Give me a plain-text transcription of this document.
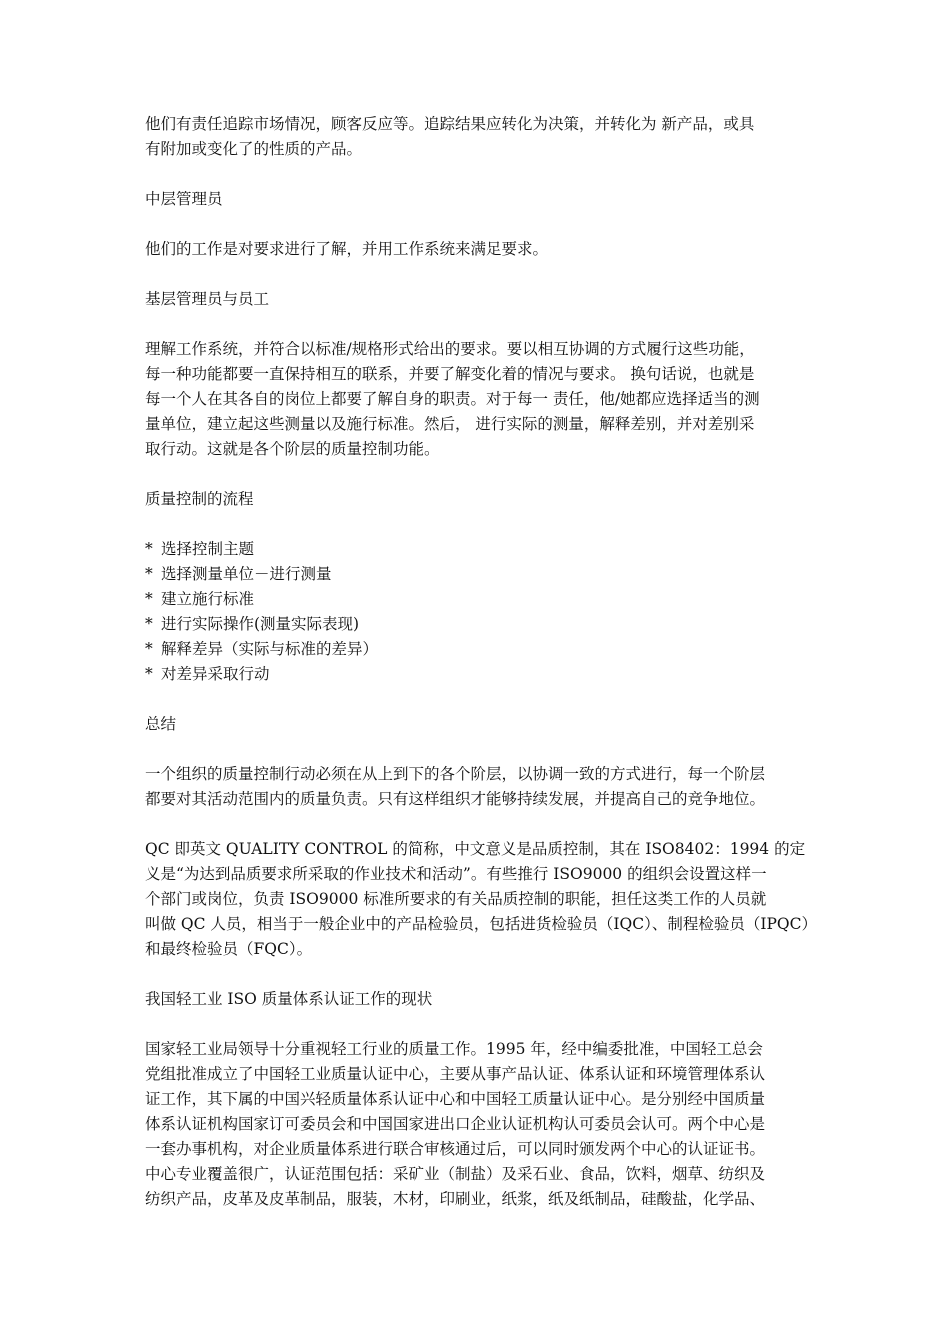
他们有责任追踪市场情况，顾客反应等。追踪结果应转化为决策，并转化为 新产品，或具
有附加或变化了的性质的产品。
中层管理员
他们的工作是对要求进行了解，并用工作系统来满足要求。
基层管理员与员工
理解工作系统，并符合以标准/规格形式给出的要求。要以相互协调的方式履行这些功能，
每一种功能都要一直保持相互的联系，并要了解变化着的情况与要求。 换句话说，也就是
每一个人在其各自的岗位上都要了解自身的职责。对于每一 责任，他/她都应选择适当的测
量单位，建立起这些测量以及施行标准。然后， 进行实际的测量，解释差别，并对差别采
取行动。这就是各个阶层的质量控制功能。
质量控制的流程
* 选择控制主题
* 选择测量单位－进行测量
* 建立施行标准
* 进行实际操作(测量实际表现)
* 解释差异（实际与标准的差异）
* 对差异采取行动
总结
一个组织的质量控制行动必须在从上到下的各个阶层，以协调一致的方式进行，每一个阶层
都要对其活动范围内的质量负责。只有这样组织才能够持续发展，并提高自己的竞争地位。
QC 即英文 QUALITY CONTROL 的简称，中文意义是品质控制，其在 ISO8402：1994 的定
义是“为达到品质要求所采取的作业技术和活动”。有些推行 ISO9000 的组织会设置这样一
个部门或岗位，负责 ISO9000 标准所要求的有关品质控制的职能，担任这类工作的人员就
叫做 QC 人员，相当于一般企业中的产品检验员，包括进货检验员（IQC）、制程检验员（IPQC）
和最终检验员（FQC）。
我国轻工业 ISO 质量体系认证工作的现状
国家轻工业局领导十分重视轻工行业的质量工作。1995 年，经中编委批准，中国轻工总会
党组批准成立了中国轻工业质量认证中心，主要从事产品认证、体系认证和环境管理体系认
证工作，其下属的中国兴轻质量体系认证中心和中国轻工质量认证中心。是分别经中国质量
体系认证机构国家订可委员会和中国国家进出口企业认证机构认可委员会认可。两个中心是
一套办事机构，对企业质量体系进行联合审核通过后，可以同时颁发两个中心的认证证书。
中心专业覆盖很广，认证范围包括：采矿业（制盐）及采石业、食品，饮料，烟草、纺织及
纺织产品，皮革及皮革制品，服装，木材，印刷业，纸浆，纸及纸制品，硅酸盐，化学品、
